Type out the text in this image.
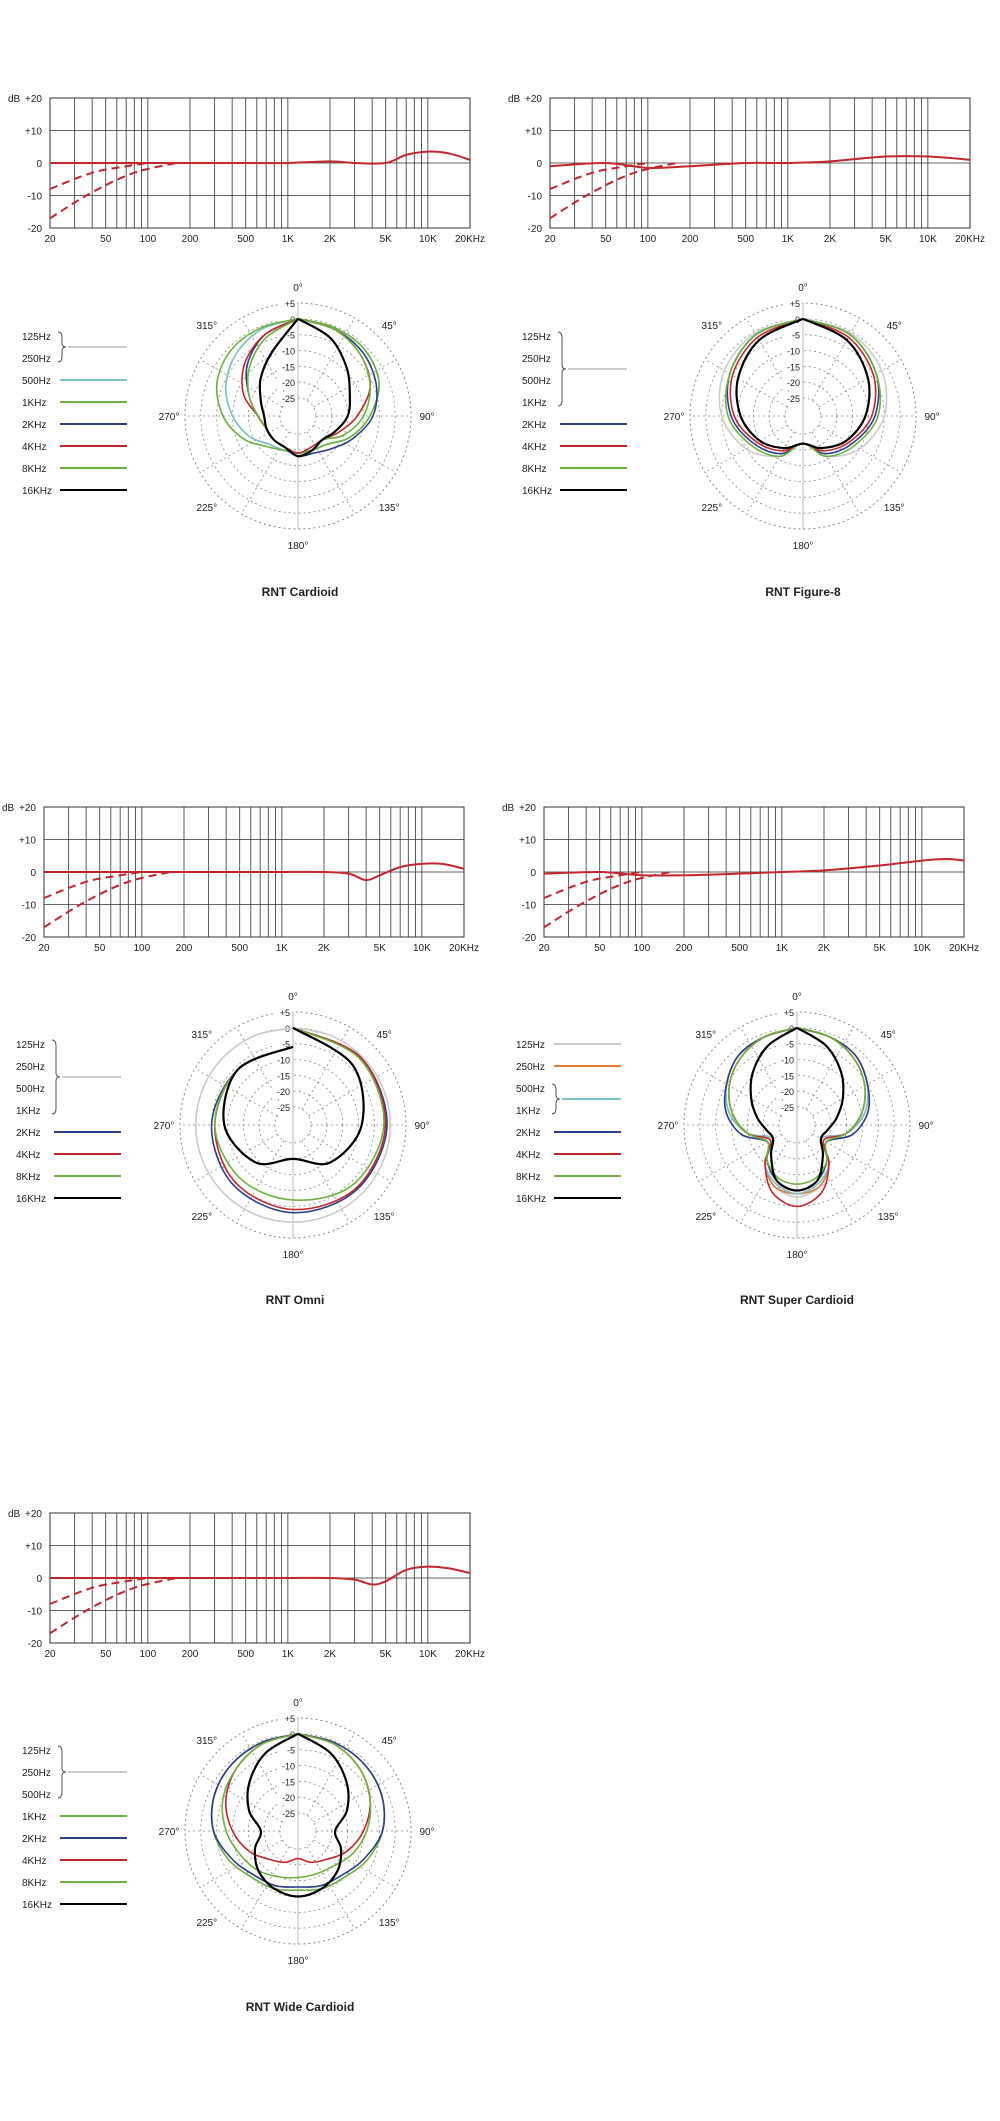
dB +20
+10
0
-10
-20
20	50	100	200	500	1K	2K	5K	10K 20KHz
+5
0
-5
-10
-15
-20
-25
0°
45°
90°
135°
180°
225°
270°
315°
125Hz
250Hz
500Hz
1KHz
2KHz
4KHz
8KHz
16KHz
RNT Cardioid
dB +20
+10
0
-10
-20
20	50	100	200	500	1K	2K	5K	10K 20KHz
+5
0
-5
-10
-15
-20
-25
0°
45°
90°
135°
180°
225°
270°
315°
125Hz
250Hz
500Hz
1KHz
2KHz
4KHz
8KHz
16KHz
RNT Figure-8
dB +20
+10
0
-10
-20
20	50	100	200	500	1K	2K	5K	10K 20KHz
+5
0
-5
-10
-15
-20
-25
0°
45°
90°
135°
180°
225°
270°
315°
125Hz
250Hz
500Hz
1KHz
2KHz
4KHz
8KHz
16KHz
RNT Omni
dB +20
+10
0
-10
-20
20	50	100	200	500	1K	2K	5K	10K 20KHz
+5
0
-5
-10
-15
-20
-25
0°
45°
90°
135°
180°
225°
270°
315°
125Hz
250Hz
500Hz
1KHz
2KHz
4KHz
8KHz
16KHz
RNT Super Cardioid
dB +20
+10
0
-10
-20
20	50	100	200	500	1K	2K	5K	10K 20KHz
+5
0
-5
-10
-15
-20
-25
0°
45°
90°
135°
180°
225°
270°
315°
125Hz
250Hz
500Hz
1KHz
2KHz
4KHz
8KHz
16KHz
RNT Wide Cardioid
